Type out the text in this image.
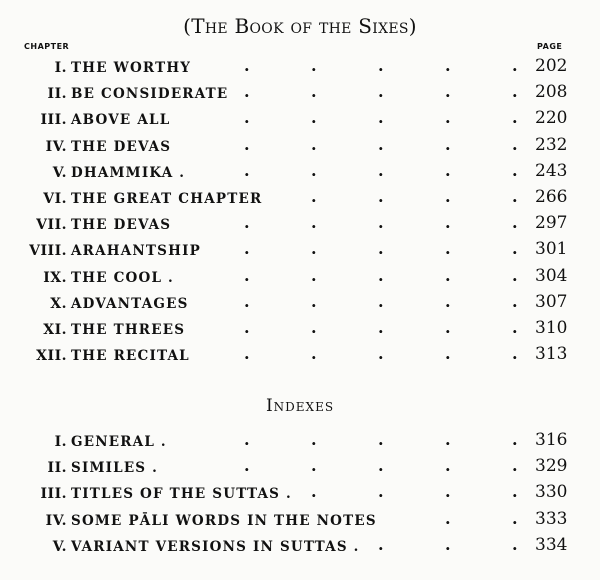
(The Book of the Sixes)
CHAPTER	PAGE
I. THE WORTHY	.	.	.	.	. 202
II. BE CONSIDERATE .	.	.	.	. 208
III. ABOVE ALL	.	.	.	.	. 220
IV. THE DEVAS	.	.	.	.	. 232
V. DHAMMIKA .	.	.	.	.	. 243
VI. THE GREAT CHAPTER	.	.	.	. 266
VII. THE DEVAS	.	.	.	.	. 297
VIII. ARAHANTSHIP	.	.	.	.	. 301
IX. THE COOL .	.	.	.	.	. 304
X. ADVANTAGES	.	.	.	.	. 307
XI. THE THREES	.	.	.	.	. 310
XII. THE RECITAL	.	.	.	.	. 313
Indexes
I. GENERAL .	.	.	.	.	. 316
II. SIMILES .	.	.	.	.	. 329
III. TITLES OF THE SUTTAS . .	.	.	. 330
IV. SOME PĀLI WORDS IN THE NOTES	.	. 333
V. VARIANT VERSIONS IN SUTTAS . .	.	. 334
